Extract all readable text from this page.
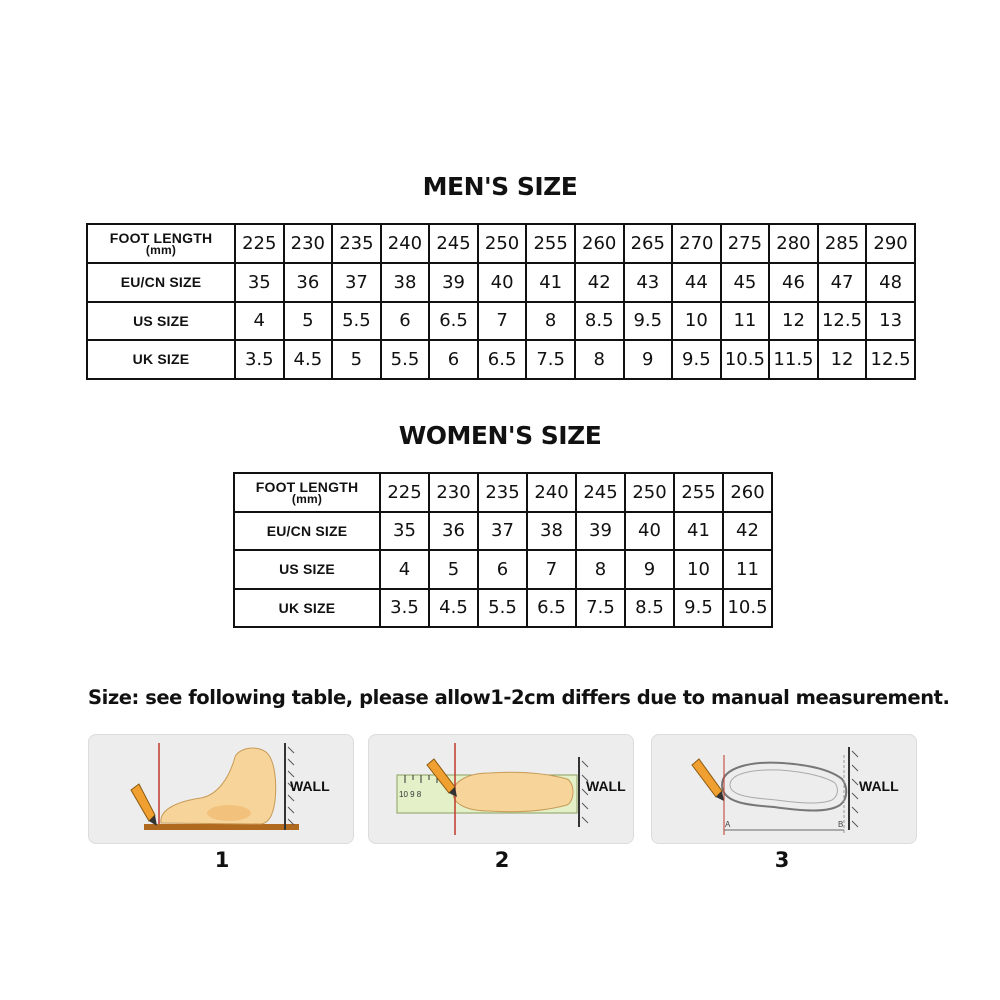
MEN'S SIZE
FOOT LENGTH
(mm)	225	230	235	240	245	250	255	260	265	270	275	280	285	290
EU/CN SIZE	35	36	37	38	39	40	41	42	43	44	45	46	47	48
US SIZE	4	5	5.5	6	6.5	7	8	8.5	9.5	10	11	12	12.5	13
UK SIZE	3.5	4.5	5	5.5	6	6.5	7.5	8	9	9.5	10.5	11.5	12	12.5
WOMEN'S SIZE
FOOT LENGTH
(mm)	225	230	235	240	245	250	255	260
EU/CN SIZE	35	36	37	38	39	40	41	42
US SIZE	4	5	6	7	8	9	10	11
UK SIZE	3.5	4.5	5.5	6.5	7.5	8.5	9.5	10.5
Size: see following table, please allow1-2cm differs due to manual measurement.
WALL
10 9 8
WALL
A	B
WALL
1	2	3
